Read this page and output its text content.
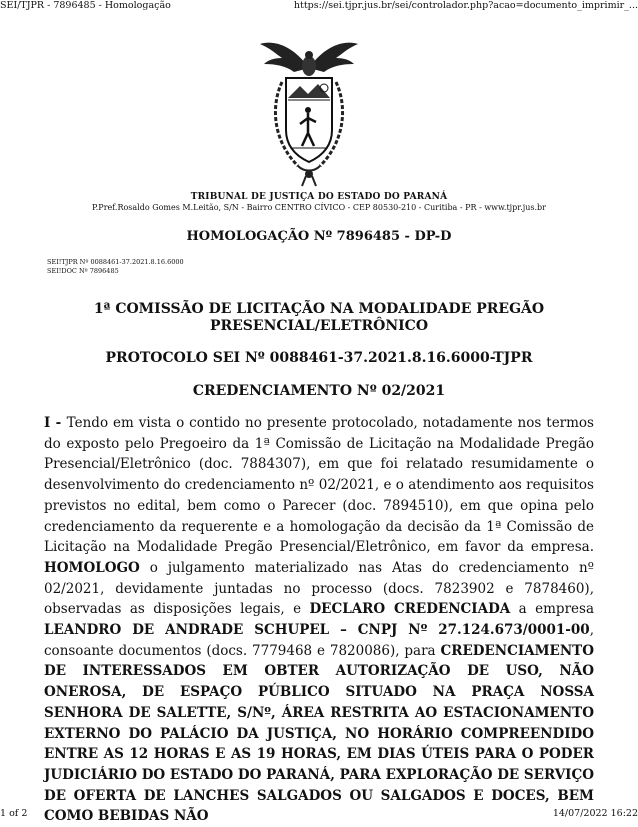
SEI/TJPR - 7896485 - Homologação	https://sei.tjpr.jus.br/sei/controlador.php?acao=documento_imprimir_...
TRIBUNAL DE JUSTIÇA DO ESTADO DO PARANÁ
P.Pref.Rosaldo Gomes M.Leitão, S/N - Bairro CENTRO CÍVICO - CEP 80530-210 - Curitiba - PR - www.tjpr.jus.br
HOMOLOGAÇÃO Nº 7896485 - DP-D
SEI!TJPR Nº 0088461-37.2021.8.16.6000
SEI!DOC Nº 7896485
1ª COMISSÃO DE LICITAÇÃO NA MODALIDADE PREGÃO
PRESENCIAL/ELETRÔNICO
PROTOCOLO SEI Nº 0088461-37.2021.8.16.6000-TJPR
CREDENCIAMENTO Nº 02/2021
I - Tendo em vista o contido no presente protocolado, notadamente nos termos do exposto pelo Pregoeiro da 1ª Comissão de Licitação na Modalidade Pregão Presencial/Eletrônico (doc. 7884307), em que foi relatado resumidamente o desenvolvimento do credenciamento nº 02/2021, e o atendimento aos requisitos previstos no edital, bem como o Parecer (doc. 7894510), em que opina pelo credenciamento da requerente e a homologação da decisão da 1ª Comissão de Licitação na Modalidade Pregão Presencial/Eletrônico, em favor da empresa. HOMOLOGO o julgamento materializado nas Atas do credenciamento nº 02/2021, devidamente juntadas no processo (docs. 7823902 e 7878460), observadas as disposições legais, e DECLARO CREDENCIADA a empresa LEANDRO DE ANDRADE SCHUPEL – CNPJ Nº 27.124.673/0001-00, consoante documentos (docs. 7779468 e 7820086), para CREDENCIAMENTO DE INTERESSADOS EM OBTER AUTORIZAÇÃO DE USO, NÃO ONEROSA, DE ESPAÇO PÚBLICO SITUADO NA PRAÇA NOSSA SENHORA DE SALETTE, S/Nº, ÁREA RESTRITA AO ESTACIONAMENTO EXTERNO DO PALÁCIO DA JUSTIÇA, NO HORÁRIO COMPREENDIDO ENTRE AS 12 HORAS E AS 19 HORAS, EM DIAS ÚTEIS PARA O PODER JUDICIÁRIO DO ESTADO DO PARANÁ, PARA EXPLORAÇÃO DE SERVIÇO DE OFERTA DE LANCHES SALGADOS OU SALGADOS E DOCES, BEM COMO BEBIDAS NÃO
1 of 2	14/07/2022 16:22
